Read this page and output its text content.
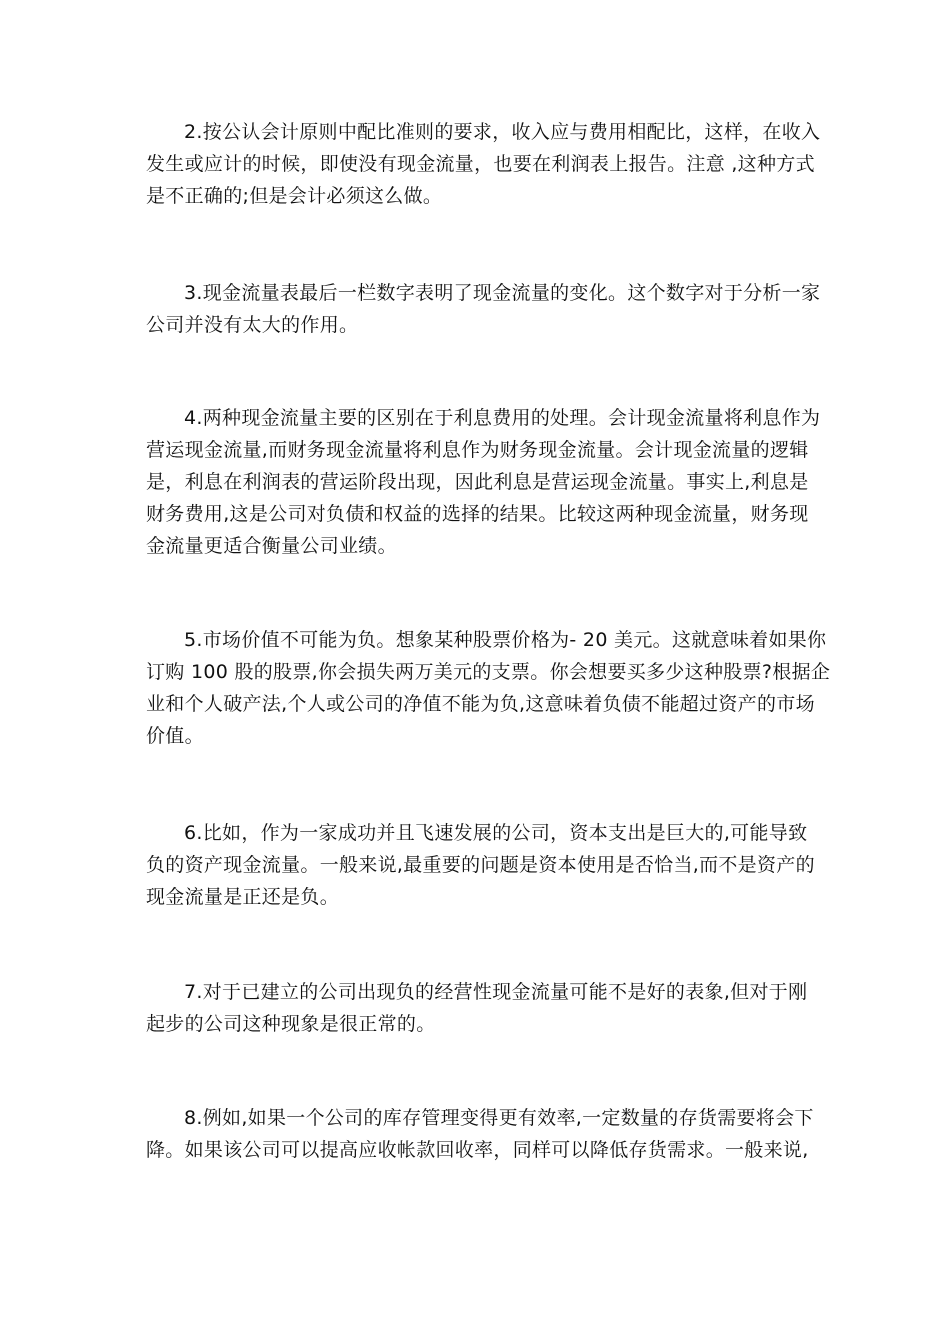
2.按公认会计原则中配比准则的要求，收入应与费用相配比，这样，在收入
发生或应计的时候，即使没有现金流量，也要在利润表上报告。注意 ,这种方式
是不正确的;但是会计必须这么做。

3.现金流量表最后一栏数字表明了现金流量的变化。这个数字对于分析一家
公司并没有太大的作用。

4.两种现金流量主要的区别在于利息费用的处理。会计现金流量将利息作为
营运现金流量,而财务现金流量将利息作为财务现金流量。会计现金流量的逻辑
是，利息在利润表的营运阶段出现，因此利息是营运现金流量。事实上,利息是
财务费用,这是公司对负债和权益的选择的结果。比较这两种现金流量，财务现
金流量更适合衡量公司业绩。

5.市场价值不可能为负。想象某种股票价格为- 20 美元。这就意味着如果你
订购 100 股的股票,你会损失两万美元的支票。你会想要买多少这种股票?根据企
业和个人破产法,个人或公司的净值不能为负,这意味着负债不能超过资产的市场
价值。

6.比如，作为一家成功并且飞速发展的公司，资本支出是巨大的,可能导致
负的资产现金流量。一般来说,最重要的问题是资本使用是否恰当,而不是资产的
现金流量是正还是负。

7.对于已建立的公司出现负的经营性现金流量可能不是好的表象,但对于刚
起步的公司这种现象是很正常的。

8.例如,如果一个公司的库存管理变得更有效率,一定数量的存货需要将会下
降。如果该公司可以提高应收帐款回收率，同样可以降低存货需求。一般来说,
